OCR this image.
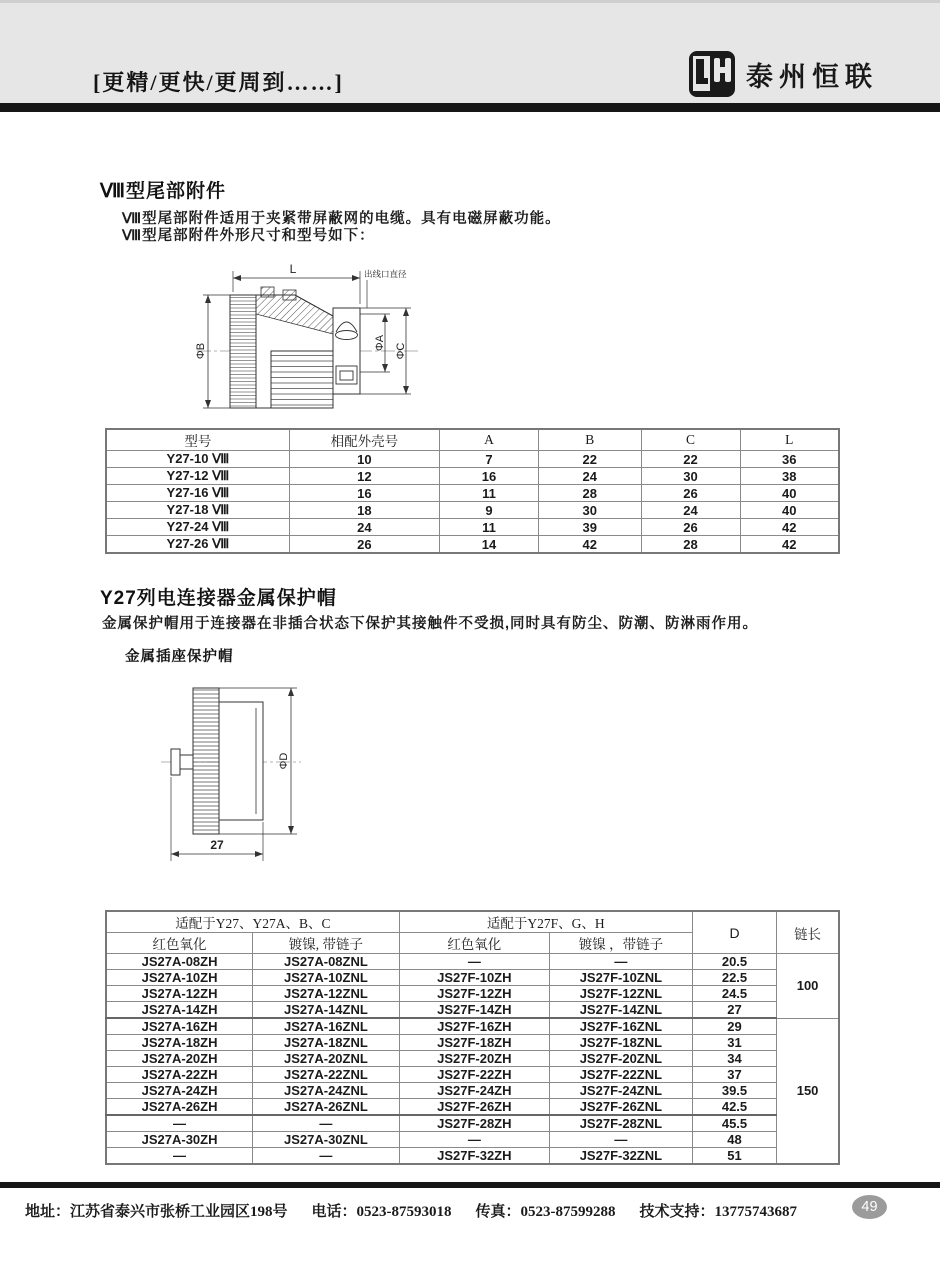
[更精/更快/更周到……]	泰州恒联
Ⅷ型尾部附件
Ⅷ型尾部附件适用于夹紧带屏蔽网的电缆。具有电磁屏蔽功能。
Ⅷ型尾部附件外形尺寸和型号如下：
L	出线口直径
ΦB	ΦA ΦC
型号	相配外壳号	A	B	C	L
Y27-10 Ⅷ	10	7	22	22	36
Y27-12 Ⅷ	12	16	24	30	38
Y27-16 Ⅷ	16	11	28	26	40
Y27-18 Ⅷ	18	9	30	24	40
Y27-24 Ⅷ	24	11	39	26	42
Y27-26 Ⅷ	26	14	42	28	42
Y27列电连接器金属保护帽
金属保护帽用于连接器在非插合状态下保护其接触件不受损,同时具有防尘、防潮、防淋雨作用。
金属插座保护帽
ΦD
27
适配于Y27、Y27A、B、C		适配于Y27F、G、H		D	链长
红色氧化	镀镍, 带链子	红色氧化	镀镍 ，带链子		
JS27A-08ZH	JS27A-08ZNL	—	—	20.5	100
JS27A-10ZH	JS27A-10ZNL	JS27F-10ZH	JS27F-10ZNL	22.5	
JS27A-12ZH	JS27A-12ZNL	JS27F-12ZH	JS27F-12ZNL	24.5	
JS27A-14ZH	JS27A-14ZNL	JS27F-14ZH	JS27F-14ZNL	27	
JS27A-16ZH	JS27A-16ZNL	JS27F-16ZH	JS27F-16ZNL	29	150
JS27A-18ZH	JS27A-18ZNL	JS27F-18ZH	JS27F-18ZNL	31	
JS27A-20ZH	JS27A-20ZNL	JS27F-20ZH	JS27F-20ZNL	34	
JS27A-22ZH	JS27A-22ZNL	JS27F-22ZH	JS27F-22ZNL	37	
JS27A-24ZH	JS27A-24ZNL	JS27F-24ZH	JS27F-24ZNL	39.5	
JS27A-26ZH	JS27A-26ZNL	JS27F-26ZH	JS27F-26ZNL	42.5	
—	—	JS27F-28ZH	JS27F-28ZNL	45.5	
JS27A-30ZH	JS27A-30ZNL	—	—	48	
—	—	JS27F-32ZH	JS27F-32ZNL	51	
地址：江苏省泰兴市张桥工业园区198号 电话：0523-87593018 传真：0523-87599288 技术支持：13775743687	49
